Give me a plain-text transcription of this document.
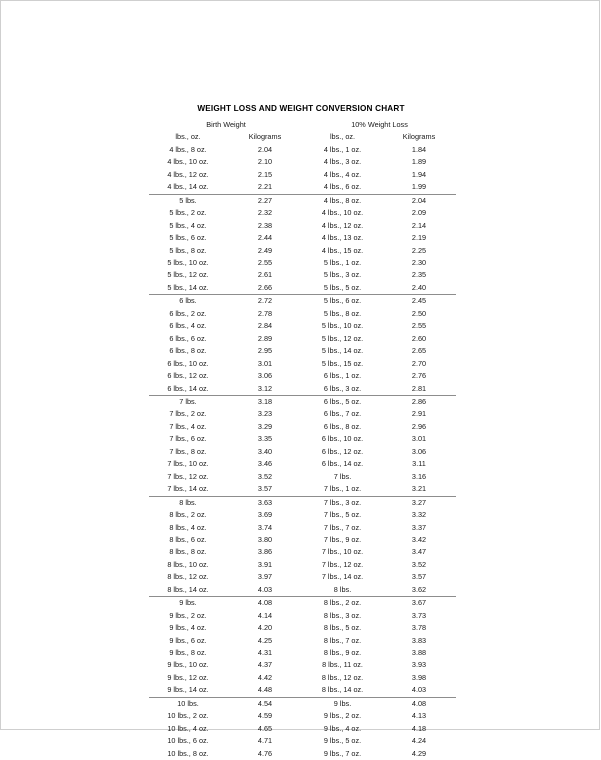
WEIGHT LOSS AND WEIGHT CONVERSION CHART
Birth Weight		10% Weight Loss	
lbs., oz.	Kilograms	lbs., oz.	Kilograms
4 lbs., 8 oz.	2.04	4 lbs., 1 oz.	1.84
4 lbs., 10 oz.	2.10	4 lbs., 3 oz.	1.89
4 lbs., 12 oz.	2.15	4 lbs., 4 oz.	1.94
4 lbs., 14 oz.	2.21	4 lbs., 6 oz.	1.99
5 lbs.	2.27	4 lbs., 8 oz.	2.04
5 lbs., 2 oz.	2.32	4 lbs., 10 oz.	2.09
5 lbs., 4 oz.	2.38	4 lbs., 12 oz.	2.14
5 lbs., 6 oz.	2.44	4 lbs., 13 oz.	2.19
5 lbs., 8 oz.	2.49	4 lbs., 15 oz.	2.25
5 lbs., 10 oz.	2.55	5 lbs., 1 oz.	2.30
5 lbs., 12 oz.	2.61	5 lbs., 3 oz.	2.35
5 lbs., 14 oz.	2.66	5 lbs., 5 oz.	2.40
6 lbs.	2.72	5 lbs., 6 oz.	2.45
6 lbs., 2 oz.	2.78	5 lbs., 8 oz.	2.50
6 lbs., 4 oz.	2.84	5 lbs., 10 oz.	2.55
6 lbs., 6 oz.	2.89	5 lbs., 12 oz.	2.60
6 lbs., 8 oz.	2.95	5 lbs., 14 oz.	2.65
6 lbs., 10 oz.	3.01	5 lbs., 15 oz.	2.70
6 lbs., 12 oz.	3.06	6 lbs., 1 oz.	2.76
6 lbs., 14 oz.	3.12	6 lbs., 3 oz.	2.81
7 lbs.	3.18	6 lbs., 5 oz.	2.86
7 lbs., 2 oz.	3.23	6 lbs., 7 oz.	2.91
7 lbs., 4 oz.	3.29	6 lbs., 8 oz.	2.96
7 lbs., 6 oz.	3.35	6 lbs., 10 oz.	3.01
7 lbs., 8 oz.	3.40	6 lbs., 12 oz.	3.06
7 lbs., 10 oz.	3.46	6 lbs., 14 oz.	3.11
7 lbs., 12 oz.	3.52	7 lbs.	3.16
7 lbs., 14 oz.	3.57	7 lbs., 1 oz.	3.21
8 lbs.	3.63	7 lbs., 3 oz.	3.27
8 lbs., 2 oz.	3.69	7 lbs., 5 oz.	3.32
8 lbs., 4 oz.	3.74	7 lbs., 7 oz.	3.37
8 lbs., 6 oz.	3.80	7 lbs., 9 oz.	3.42
8 lbs., 8 oz.	3.86	7 lbs., 10 oz.	3.47
8 lbs., 10 oz.	3.91	7 lbs., 12 oz.	3.52
8 lbs., 12 oz.	3.97	7 lbs., 14 oz.	3.57
8 lbs., 14 oz.	4.03	8 lbs.	3.62
9 lbs.	4.08	8 lbs., 2 oz.	3.67
9 lbs., 2 oz.	4.14	8 lbs., 3 oz.	3.73
9 lbs., 4 oz.	4.20	8 lbs., 5 oz.	3.78
9 lbs., 6 oz.	4.25	8 lbs., 7 oz.	3.83
9 lbs., 8 oz.	4.31	8 lbs., 9 oz.	3.88
9 lbs., 10 oz.	4.37	8 lbs., 11 oz.	3.93
9 lbs., 12 oz.	4.42	8 lbs., 12 oz.	3.98
9 lbs., 14 oz.	4.48	8 lbs., 14 oz.	4.03
10 lbs.	4.54	9 lbs.	4.08
10 lbs., 2 oz.	4.59	9 lbs., 2 oz.	4.13
10 lbs., 4 oz.	4.65	9 lbs., 4 oz.	4.18
10 lbs., 6 oz.	4.71	9 lbs., 5 oz.	4.24
10 lbs., 8 oz.	4.76	9 lbs., 7 oz.	4.29
